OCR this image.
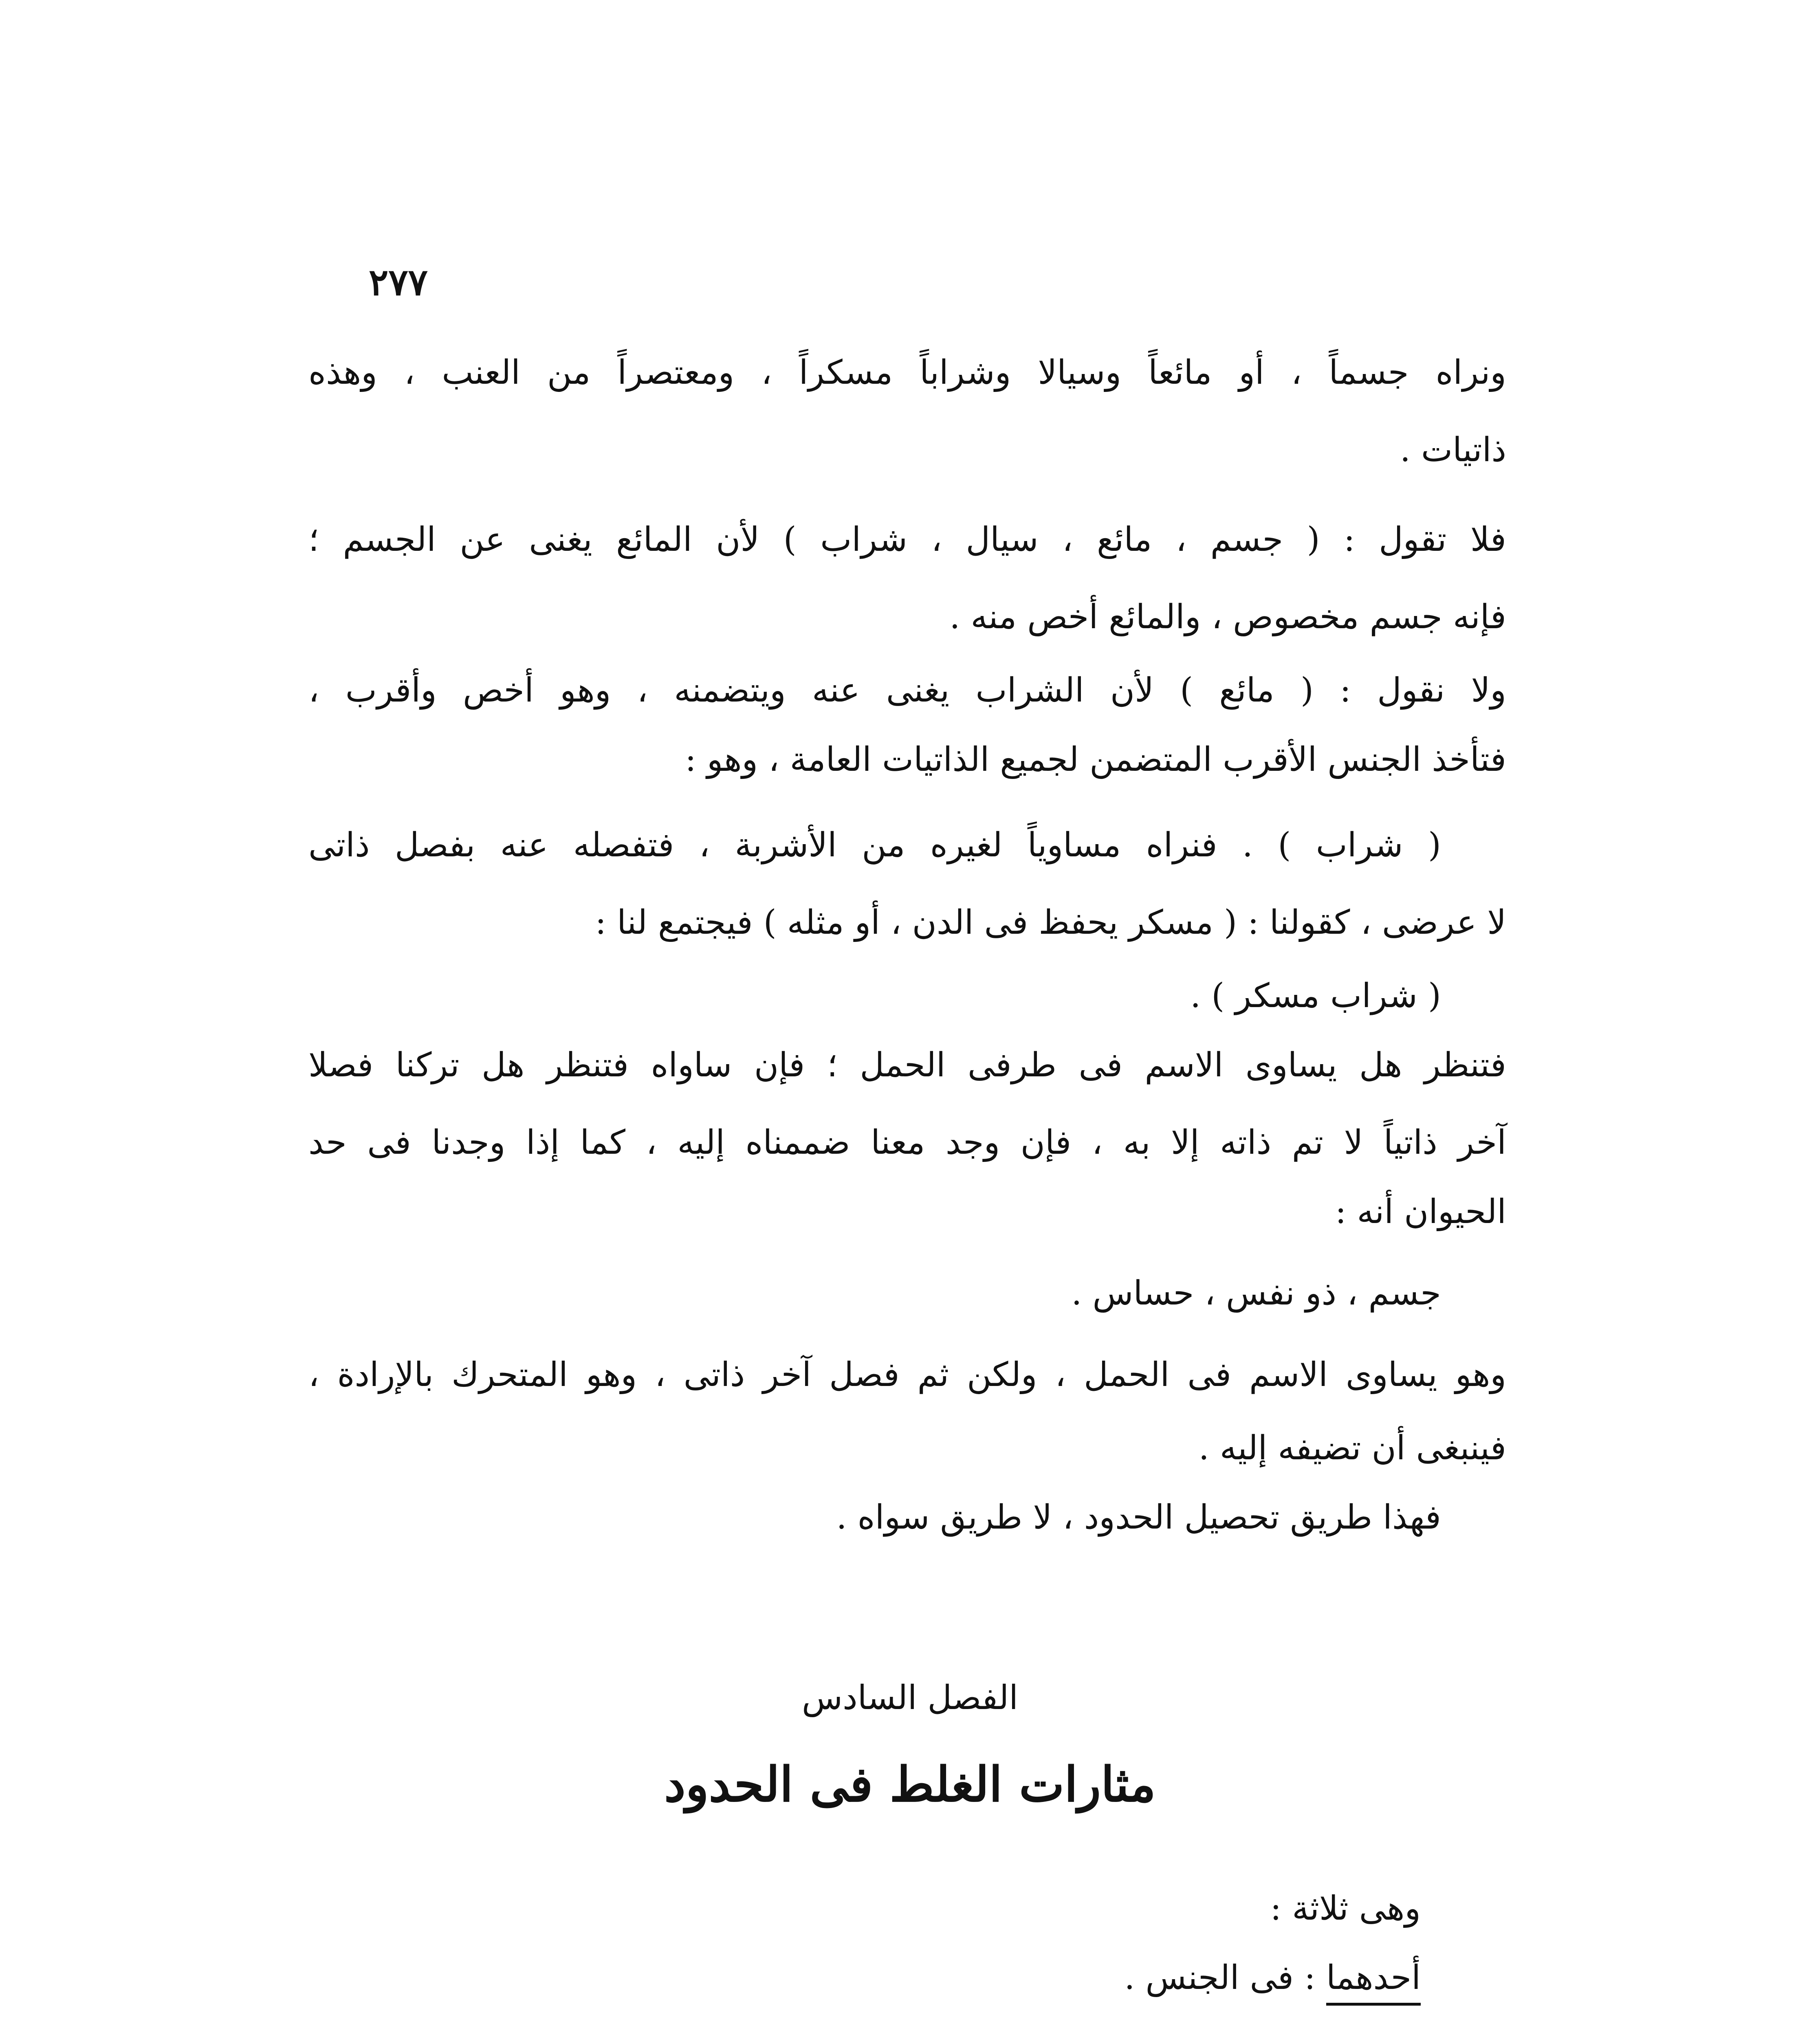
٢٧٧
ونراه جسماً ، أو مائعاً وسيالا وشراباً مسكراً ، ومعتصراً من العنب ، وهذه
ذاتيات .
فلا تقول : ( جسم ، مائع ، سيال ، شراب ) لأن المائع يغنى عن الجسم ؛
فإنه جسم مخصوص ، والمائع أخص منه .
ولا نقول : ( مائع ) لأن الشراب يغنى عنه ويتضمنه ، وهو أخص وأقرب ،
فتأخذ الجنس الأقرب المتضمن لجميع الذاتيات العامة ، وهو :
( شراب ) . فنراه مساوياً لغيره من الأشربة ، فتفصله عنه بفصل ذاتى
لا عرضى ، كقولنا : ( مسكر يحفظ فى الدن ، أو مثله ) فيجتمع لنا :
( شراب مسكر ) .
فتنظر هل يساوى الاسم فى طرفى الحمل ؛ فإن ساواه فتنظر هل تركنا فصلا
آخر ذاتياً لا تم ذاته إلا به ، فإن وجد معنا ضممناه إليه ، كما إذا وجدنا فى حد
الحيوان أنه :
جسم ، ذو نفس ، حساس .
وهو يساوى الاسم فى الحمل ، ولكن ثم فصل آخر ذاتى ، وهو المتحرك بالإرادة ،
فينبغى أن تضيفه إليه .
فهذا طريق تحصيل الحدود ، لا طريق سواه .
الفصل السادس
مثارات الغلط فى الحدود
وهى ثلاثة :
أحدهما : فى الجنس .
